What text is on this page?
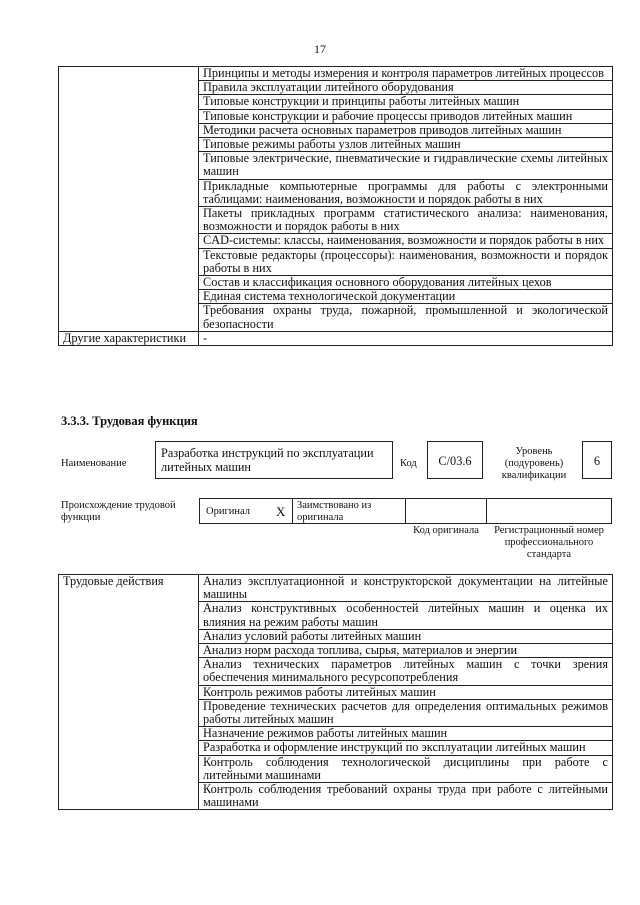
17
	Принципы и методы измерения и контроля параметров литейных процессов
	Правила эксплуатации литейного оборудования
	Типовые конструкции и принципы работы литейных машин
	Типовые конструкции и рабочие процессы приводов литейных машин
	Методики расчета основных параметров приводов литейных машин
	Типовые режимы работы узлов литейных машин
	Типовые электрические, пневматические и гидравлические схемы литейных машин
	Прикладные компьютерные программы для работы с электронными таблицами: наименования, возможности и порядок работы в них
	Пакеты прикладных программ статистического анализа: наименования, возможности и порядок работы в них
	CAD-системы: классы, наименования, возможности и порядок работы в них
	Текстовые редакторы (процессоры): наименования, возможности и порядок работы в них
	Состав и классификация основного оборудования литейных цехов
	Единая система технологической документации
	Требования охраны труда, пожарной, промышленной и экологической безопасности
Другие характеристики	-
3.3.3. Трудовая функция
Наименование
Разработка инструкций по эксплуатации литейных машин	Код	C/03.6
Уровень (подуровень) квалификации
6
Происхождение трудовой функции
Оригинал X	Заимствовано из оригинала
Код оригинала	Регистрационный номер профессионального стандарта
Трудовые действия	Анализ эксплуатационной и конструкторской документации на литейные машины
Анализ конструктивных особенностей литейных машин и оценка их влияния на режим работы машин
Анализ условий работы литейных машин
Анализ норм расхода топлива, сырья, материалов и энергии
Анализ технических параметров литейных машин с точки зрения обеспечения минимального ресурсопотребления
Контроль режимов работы литейных машин
Проведение технических расчетов для определения оптимальных режимов работы литейных машин
Назначение режимов работы литейных машин
Разработка и оформление инструкций по эксплуатации литейных машин
Контроль соблюдения технологической дисциплины при работе с литейными машинами
Контроль соблюдения требований охраны труда при работе с литейными машинами
